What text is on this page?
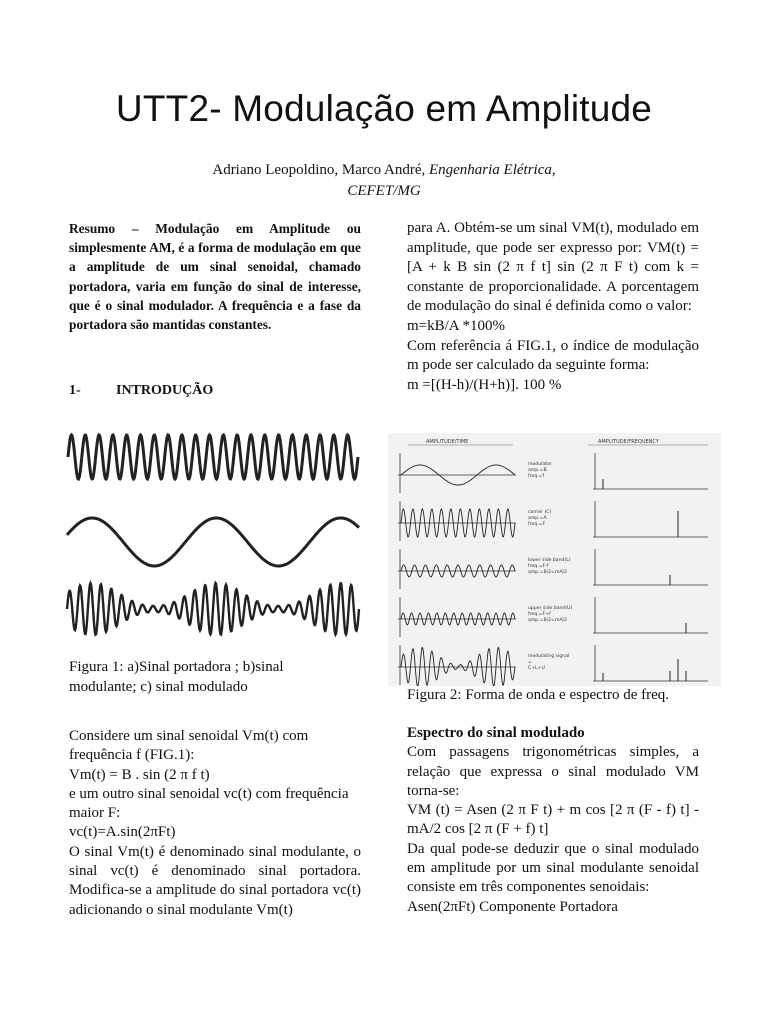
UTT2- Modulação em Amplitude
Adriano Leopoldino, Marco André, Engenharia Elétrica,
CEFET/MG
Resumo – Modulação em Amplitude ou simplesmente AM, é a forma de modulação em que a amplitude de um sinal senoidal, chamado portadora, varia em função do sinal de interesse, que é o sinal modulador. A frequência e a fase da portadora são mantidas constantes.
1-	INTRODUÇÃO
Figura 1: a)Sinal portadora ; b)sinal modulante; c) sinal modulado

Considere um sinal senoidal Vm(t) com frequência f (FIG.1):

Vm(t) = B . sin (2 π f t)

e um outro sinal senoidal vc(t) com frequência maior F:

vc(t)=A.sin(2πFt)

O sinal Vm(t) é denominado sinal modulante, o sinal vc(t) é denominado sinal portadora. Modifica-se a amplitude do sinal portadora vc(t) adicionando o sinal modulante Vm(t)

para A. Obtém-se um sinal VM(t), modulado em amplitude, que pode ser expresso por: VM(t) = [A + k B sin (2 π f t] sin (2 π F t) com k = constante de proporcionalidade. A porcentagem de modulação do sinal é definida como o valor:

m=kB/A *100%

Com referência á FIG.1, o índice de modulação m pode ser calculado da seguinte forma:

m =[(H-h)/(H+h)]. 100 %

AMPLITUDE/TIME	AMPLITUDE/FREQUENCY
modulator
amp.=B
freq.=f
carrier (C)
amp.=A
freq.=F
lower side band(L)
freq.=F-f
amp.=B/2=mA/2
upper side band(U)
freq.=F+f
amp.=B/2=mA/2
modulating signal
=
C+L+U
Figura 2: Forma de onda e espectro de freq.

Espectro do sinal modulado

Com passagens trigonométricas simples, a relação que expressa o sinal modulado VM torna-se:

VM (t) = Asen (2 π F t) + m cos [2 π (F - f) t] - mA/2 cos [2 π (F + f) t]

Da qual pode-se deduzir que o sinal modulado em amplitude por um sinal modulante senoidal consiste em três componentes senoidais:

Asen(2πFt) Componente Portadora
